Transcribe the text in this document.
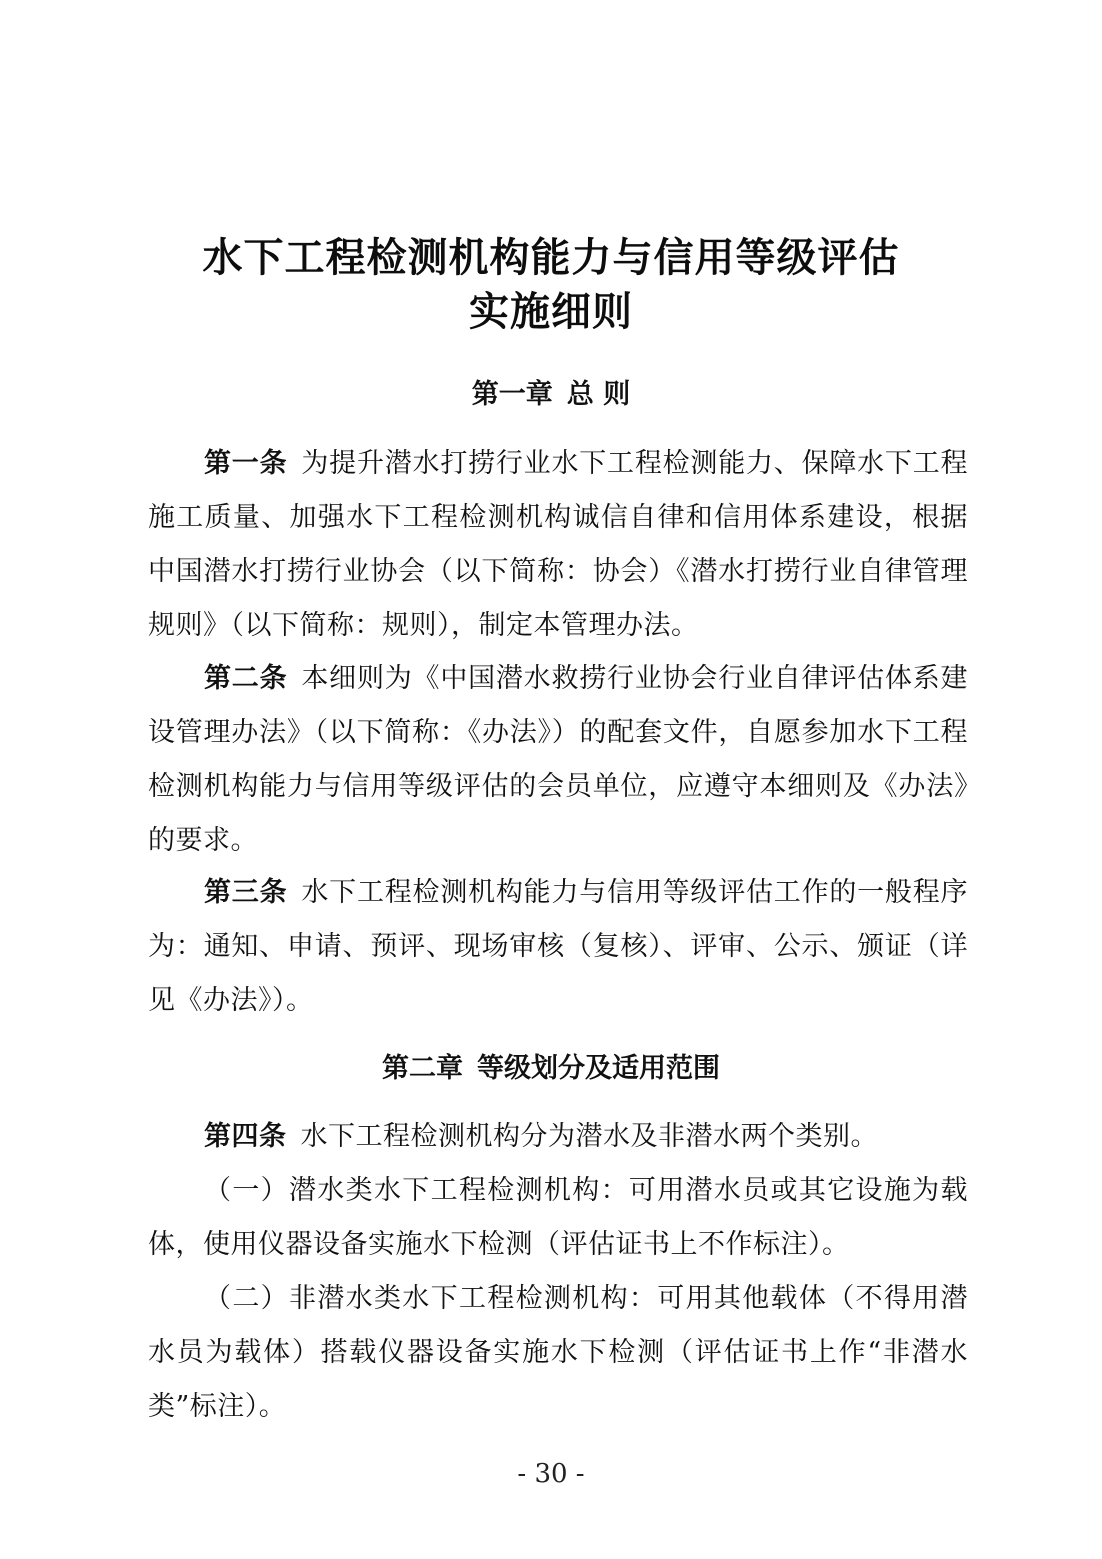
水下工程检测机构能力与信用等级评估
实施细则
第一章 总 则
第一条 为提升潜水打捞行业水下工程检测能力、保障水下工程施工质量、加强水下工程检测机构诚信自律和信用体系建设，根据中国潜水打捞行业协会（以下简称：协会）《潜水打捞行业自律管理规则》（以下简称：规则），制定本管理办法。
第二条 本细则为《中国潜水救捞行业协会行业自律评估体系建设管理办法》（以下简称：《办法》）的配套文件，自愿参加水下工程检测机构能力与信用等级评估的会员单位，应遵守本细则及《办法》的要求。
第三条 水下工程检测机构能力与信用等级评估工作的一般程序为：通知、申请、预评、现场审核（复核）、评审、公示、颁证（详见《办法》）。
第二章 等级划分及适用范围
第四条 水下工程检测机构分为潜水及非潜水两个类别。
（一）潜水类水下工程检测机构：可用潜水员或其它设施为载体，使用仪器设备实施水下检测（评估证书上不作标注）。
（二）非潜水类水下工程检测机构：可用其他载体（不得用潜水员为载体）搭载仪器设备实施水下检测（评估证书上作“非潜水类”标注）。
- 30 -
